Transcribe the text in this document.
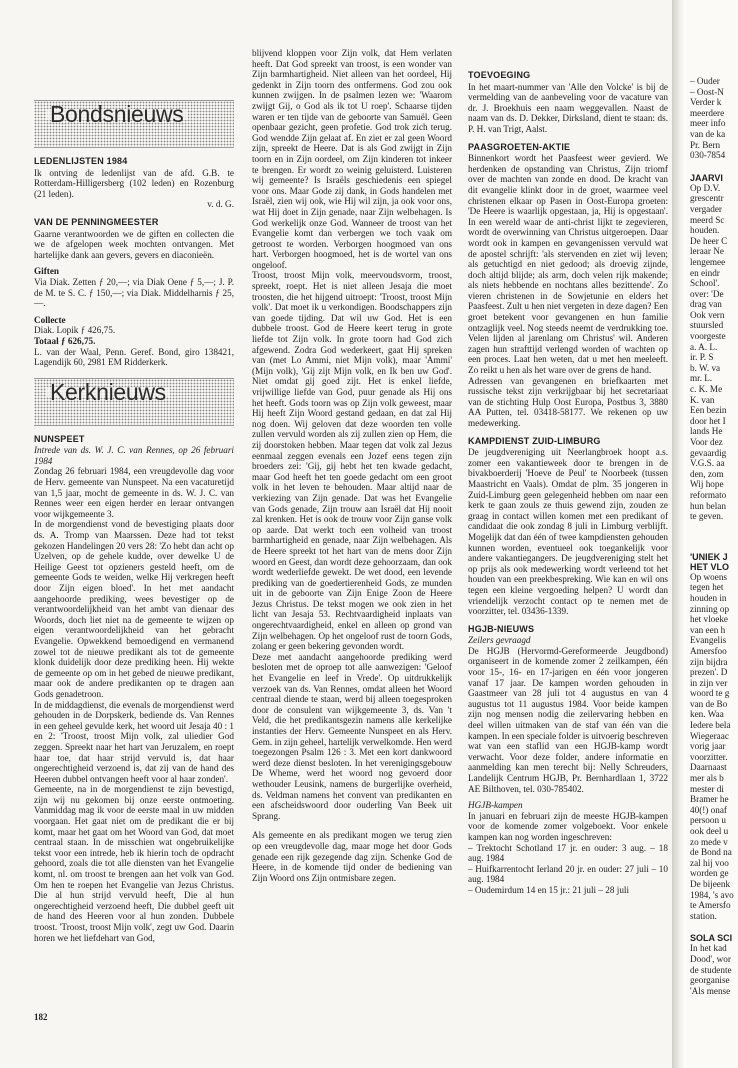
Bondsnieuws
LEDENLIJSTEN 1984

Ik ontving de ledenlijst van de afd. G.B. te Rotterdam-Hilligersberg (102 leden) en Rozenburg (21 leden).

v. d. G.

VAN DE PENNINGMEESTER

Gaarne verantwoorden we de giften en collecten die we de afgelopen week mochten ontvangen. Met hartelijke dank aan gevers, gevers en diaconieën.

Giften

Via Diak. Zetten ƒ 20,—; via Diak Oene ƒ 5,—; J. P. de M. te S. C. ƒ 150,—; via Diak. Middelharnis ƒ 25,—.

Collecte

Diak. Lopik ƒ 426,75.

Totaal ƒ 626,75.

L. van der Waal, Penn. Geref. Bond, giro 138421, Lagendijk 60, 2981 EM Ridderkerk.

Kerknieuws
NUNSPEET

Intrede van ds. W. J. C. van Rennes, op 26 februari 1984

Zondag 26 februari 1984, een vreugdevolle dag voor de Herv. gemeente van Nunspeet. Na een vacaturetijd van 1,5 jaar, mocht de gemeente in ds. W. J. C. van Rennes weer een eigen herder en leraar ontvangen voor wijkgemeente 3.

In de morgendienst vond de bevestiging plaats door ds. A. Tromp van Maarssen. Deze had tot tekst gekozen Handelingen 20 vers 28: 'Zo hebt dan acht op Uzelven, op de gehele kudde, over dewelke U de Heilige Geest tot opzieners gesteld heeft, om de gemeente Gods te weiden, welke Hij verkregen heeft door Zijn eigen bloed'. In het met aandacht aangehoorde prediking, wees bevestiger op de verantwoordelijkheid van het ambt van dienaar des Woords, doch liet niet na de gemeente te wijzen op eigen verantwoordelijkheid van het gebracht Evangelie. Opwekkend bemoedigend en vermanend zowel tot de nieuwe predikant als tot de gemeente klonk duidelijk door deze prediking heen. Hij wekte de gemeente op om in het gebed de nieuwe predikant, maar ook de andere predikanten op te dragen aan Gods genadetroon.

In de middagdienst, die evenals de morgendienst werd gehouden in de Dorpskerk, bediende ds. Van Rennes in een geheel gevulde kerk, het woord uit Jesaja 40 : 1 en 2: 'Troost, troost Mijn volk, zal uliedier God zeggen. Spreekt naar het hart van Jeruzalem, en roept haar toe, dat haar strijd vervuld is, dat haar ongerechtigheid verzoend is, dat zij van de hand des Heeren dubbel ontvangen heeft voor al haar zonden'.

Gemeente, na in de morgendienst te zijn bevestigd, zijn wij nu gekomen bij onze eerste ontmoeting. Vanmiddag mag ik voor de eerste maal in uw midden voorgaan. Het gaat niet om de predikant die er bij komt, maar het gaat om het Woord van God, dat moet centraal staan. In de misschien wat ongebruikelijke tekst voor een intrede, heb ik hierin toch de opdracht gehoord, zoals die tot alle diensten van het Evangelie komt, nl. om troost te brengen aan het volk van God. Om hen te roepen het Evangelie van Jezus Christus. Die al hun strijd vervuld heeft, Die al hun ongerechtigheid verzoend heeft, Die dubbel geeft uit de hand des Heeren voor al hun zonden. Dubbele troost. 'Troost, troost Mijn volk', zegt uw God. Daarin horen we het liefdehart van God,

blijvend kloppen voor Zijn volk, dat Hem verlaten heeft. Dat God spreekt van troost, is een wonder van Zijn barmhartigheid. Niet alleen van het oordeel, Hij gedenkt in Zijn toorn des ontfermens. God zou ook kunnen zwijgen. In de psalmen lezen we: 'Waarom zwijgt Gij, o God als ik tot U roep'. Schaarse tijden waren er ten tijde van de geboorte van Samuël. Geen openbaar gezicht, geen profetie. God trok zich terug. God wendde Zijn gelaat af. En ziet er zal geen Woord zijn, spreekt de Heere. Dat is als God zwijgt in Zijn toorn en in Zijn oordeel, om Zijn kinderen tot inkeer te brengen. Er wordt zo weinig geluisterd. Luisteren wij gemeente? Is Israëls geschiedenis een spiegel voor ons. Maar Gode zij dank, in Gods handelen met Israël, zien wij ook, wie Hij wil zijn, ja ook voor ons, wat Hij doet in Zijn genade, naar Zijn welbehagen. Is God werkelijk onze God. Wanneer de troost van het Evangelie komt dan verbergen we toch vaak om getroost te worden. Verborgen hoogmoed van ons hart. Verborgen hoogmoed, het is de wortel van ons ongeloof.

Troost, troost Mijn volk, meervoudsvorm, troost, spreekt, roept. Het is niet alleen Jesaja die moet troosten, die het hijgend uitroept: 'Troost, troost Mijn volk'. Dat moet ik u verkondigen. Boodschappers zijn van goede tijding. Dat wil uw God. Het is een dubbele troost. God de Heere keert terug in grote liefde tot Zijn volk. In grote toorn had God zich afgewend. Zodra God wederkeert, gaat Hij spreken van (met Lo Ammi, niet Mijn volk), maar 'Ammi' (Mijn volk), 'Gij zijt Mijn volk, en Ik ben uw God'. Niet omdat gij goed zijt. Het is enkel liefde, vrijwillige liefde van God, puur genade als Hij ons het heeft. Gods toorn was op Zijn volk geweest, maar Hij heeft Zijn Woord gestand gedaan, en dat zal Hij nog doen. Wij geloven dat deze woorden ten volle zullen vervuld worden als zij zullen zien op Hem, die zij doorstoken hebben. Maar tegen dat volk zal Jezus eenmaal zeggen evenals een Jozef eens tegen zijn broeders zei: 'Gij, gij hebt het ten kwade gedacht, maar God heeft het ten goede gedacht om een groot volk in het leven te behouden. Maar altijd naar de verkiezing van Zijn genade. Dat was het Evangelie van Gods genade, Zijn trouw aan Israël dat Hij nooit zal krenken. Het is ook de trouw voor Zijn ganse volk op aarde. Dat werkt toch een volheid van troost barmhartigheid en genade, naar Zijn welbehagen. Als de Heere spreekt tot het hart van de mens door Zijn woord en Geest, dan wordt deze gehoorzaam, dan ook wordt wederliefde gewekt. De wet dood, een levende prediking van de goedertierenheid Gods, ze munden uit in de geboorte van Zijn Enige Zoon de Heere Jezus Christus. De tekst mogen we ook zien in het licht van Jesaja 53. Rechtvaardigheid inplaats van ongerechtvaardigheid, enkel en alleen op grond van Zijn welbehagen. Op het ongeloof rust de toorn Gods, zolang er geen bekering gevonden wordt.

Deze met aandacht aangehoorde prediking werd besloten met de oproep tot alle aanwezigen: 'Geloof het Evangelie en leef in Vrede'. Op uitdrukkelijk verzoek van ds. Van Rennes, omdat alleen het Woord centraal diende te staan, werd bij alleen toegesproken door de consulent van wijkgemeente 3, ds. Van 't Veld, die het predikantsgezin namens alle kerkelijke instanties der Herv. Gemeente Nunspeet en als Herv. Gem. in zijn geheel, hartelijk verwelkomde. Hen werd toegezongen Psalm 126 : 3. Met een kort dankwoord werd deze dienst besloten. In het verenigingsgebouw De Wheme, werd het woord nog gevoerd door wethouder Leusink, namens de burgerlijke overheid, ds. Veldman namens het convent van predikanten en een afscheidswoord door ouderling Van Beek uit Sprang.

Als gemeente en als predikant mogen we terug zien op een vreugdevolle dag, maar moge het door Gods genade een rijk gezegende dag zijn. Schenke God de Heere, in de komende tijd onder de bediening van Zijn Woord ons Zijn ontmisbare zegen.

TOEVOEGING

In het maart-nummer van 'Alle den Volcke' is bij de vermelding van de aanbeveling voor de vacature van dr. J. Broekhuis een naam weggevallen. Naast de naam van ds. D. Dekker, Dirksland, dient te staan: ds. P. H. van Trigt, Aalst.

PAASGROETEN-AKTIE

Binnenkort wordt het Paasfeest weer gevierd. We herdenken de opstanding van Christus, Zijn triomf over de machten van zonde en dood. De kracht van dit evangelie klinkt door in de groet, waarmee veel christenen elkaar op Pasen in Oost-Europa groeten: 'De Heere is waarlijk opgestaan, ja, Hij is opgestaan'. In een wereld waar de anti-christ lijkt te zegevieren, wordt de overwinning van Christus uitgeroepen. Daar wordt ook in kampen en gevangenissen vervuld wat de apostel schrijft: 'als stervenden en ziet wij leven; als getuchtigd en niet gedood; als droevig zijnde, doch altijd blijde; als arm, doch velen rijk makende; als niets hebbende en nochtans alles bezittende'. Zo vieren christenen in de Sowjetunie en elders het Paasfeest. Zult u hen niet vergeten in deze dagen? Een groet betekent voor gevangenen en hun familie ontzaglijk veel. Nog steeds neemt de verdrukking toe. Velen lijden al jarenlang om Christus' wil. Anderen zagen hun strafttijd verlengd worden of wachten op een proces. Laat hen weten, dat u met hen meeleeft. Zo reikt u hen als het ware over de grens de hand.

Adressen van gevangenen en briefkaarten met russische tekst zijn verkrijgbaar bij het secretariaat van de stichting Hulp Oost Europa, Postbus 3, 3880 AA Putten, tel. 03418-58177. We rekenen op uw medewerking.

KAMPDIENST ZUID-LIMBURG

De jeugdvereniging uit Neerlangbroek hoopt a.s. zomer een vakantieweek door te brengen in de bivakboerderij 'Hoeve de Peul' te Noorbeek (tussen Maastricht en Vaals). Omdat de plm. 35 jongeren in Zuid-Limburg geen gelegenheid hebben om naar een kerk te gaan zouls ze thuis gewend zijn, zouden ze graag in contact willen komen met een predikant of candidaat die ook zondag 8 juli in Limburg verblijft. Mogelijk dat dan één of twee kampdiensten gehouden kunnen worden, eventueel ook toegankelijk voor andere vakantiegangers. De jeugdvereniging stelt het op prijs als ook medewerking wordt verleend tot het houden van een preekbespreking. Wie kan en wil ons tegen een kleine vergoeding helpen? U wordt dan vriendelijk verzocht contact op te nemen met de voorzitter, tel. 03436-1339.

HGJB-NIEUWS

Zeilers gevraagd

De HGJB (Hervormd-Gereformeerde Jeugdbond) organiseert in de komende zomer 2 zeilkampen, één voor 15-, 16- en 17-jarigen en één voor jongeren vanaf 17 jaar. De kampen worden gehouden in Gaastmeer van 28 juli tot 4 augustus en van 4 augustus tot 11 augustus 1984. Voor beide kampen zijn nog mensen nodig die zeilervaring hebben en deel willen uitmaken van de staf van één van die kampen. In een speciale folder is uitvoerig beschreven wat van een staflid van een HGJB-kamp wordt verwacht. Voor deze folder, andere informatie en aanmelding kan men terecht bij: Nelly Schreuders, Landelijk Centrum HGJB, Pr. Bernhardlaan 1, 3722 AE Bilthoven, tel. 030-785402.

HGJB-kampen

In januari en februari zijn de meeste HGJB-kampen voor de komende zomer volgeboekt. Voor enkele kampen kan nog worden ingeschreven:

– Trektocht Schotland 17 jr. en ouder: 3 aug. – 18 aug. 1984

– Huifkarrentocht Ierland 20 jr. en ouder: 27 juli – 10 aug. 1984

– Oudemirdum 14 en 15 jr.: 21 juli – 28 juli

182
– Ouder
– Oost-N
Verder k
meerdere
meer info
van de ka
Pr. Bern
030-7854
JAARVI
Op D.V.
grescentr
vergader
meerd Sc
houden.
De heer C
leraar Ne
lengemee
en eindr
School'.
over: 'De
drag van
Ook vern
stuursled
voorgeste
a. A. L.
ir. P. S
b. W. va
mr. L.
c. K. Me
K. van
Een bezin
door het I
lands He
Voor dez
gevaardig
V.G.S. aa
den, zom
Wij hope
reformato
hun belan
te geven.
'UNIEK J
HET VLO
Op woens
tegen het
houden in
zinning op
het vloeke
van een h
Evangelis
Amersfoo
zijn bijdra
prezen'. D
in zijn ver
woord te g
van de Bo
ken. Waa
Iedere bela
Wiegeraac
vorig jaar
voorzitter.
Daarnaast
mer als b
mester di
Bramer he
40(!) onaf
persoon u
ook deel u
zo mede v
de Bond na
zal hij voo
worden ge
De bijeenk
1984, 's avo
te Amersfo
station.
SOLA SCI
In het kad
Dood', wor
de studente
georganise
'Als mense
